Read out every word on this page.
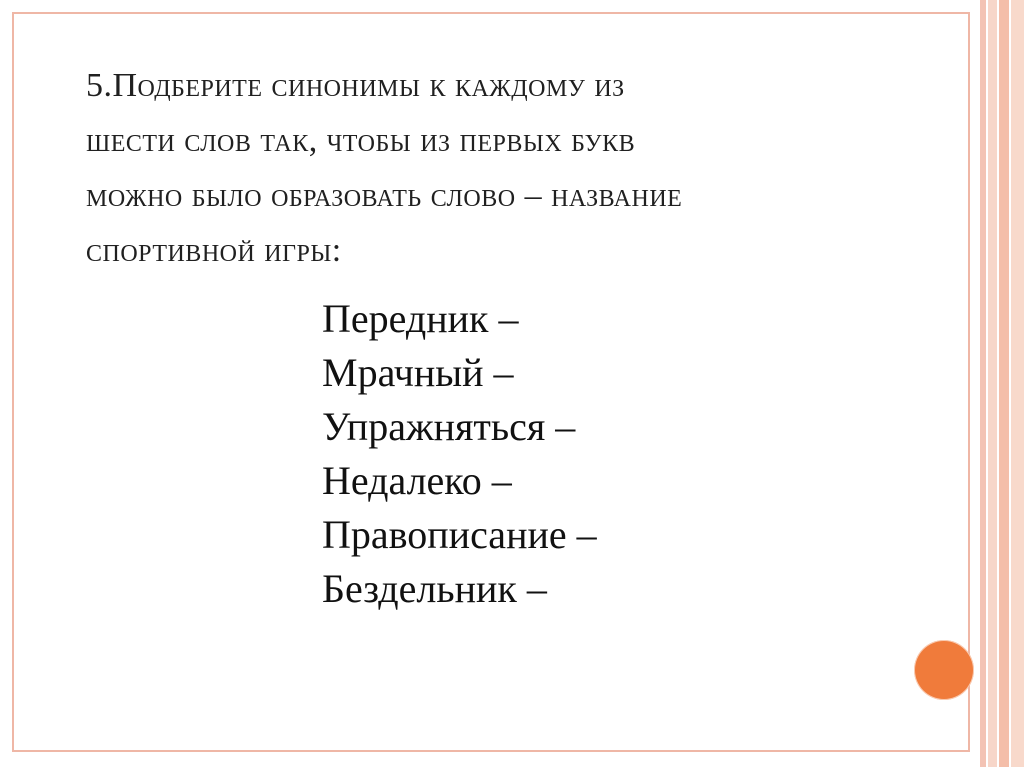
5.Подберите синонимы к каждому из
шести слов так, чтобы из первых букв
можно было образовать слово – название
спортивной игры:
Передник –
Мрачный –
Упражняться –
Недалеко –
Правописание –
Бездельник –
